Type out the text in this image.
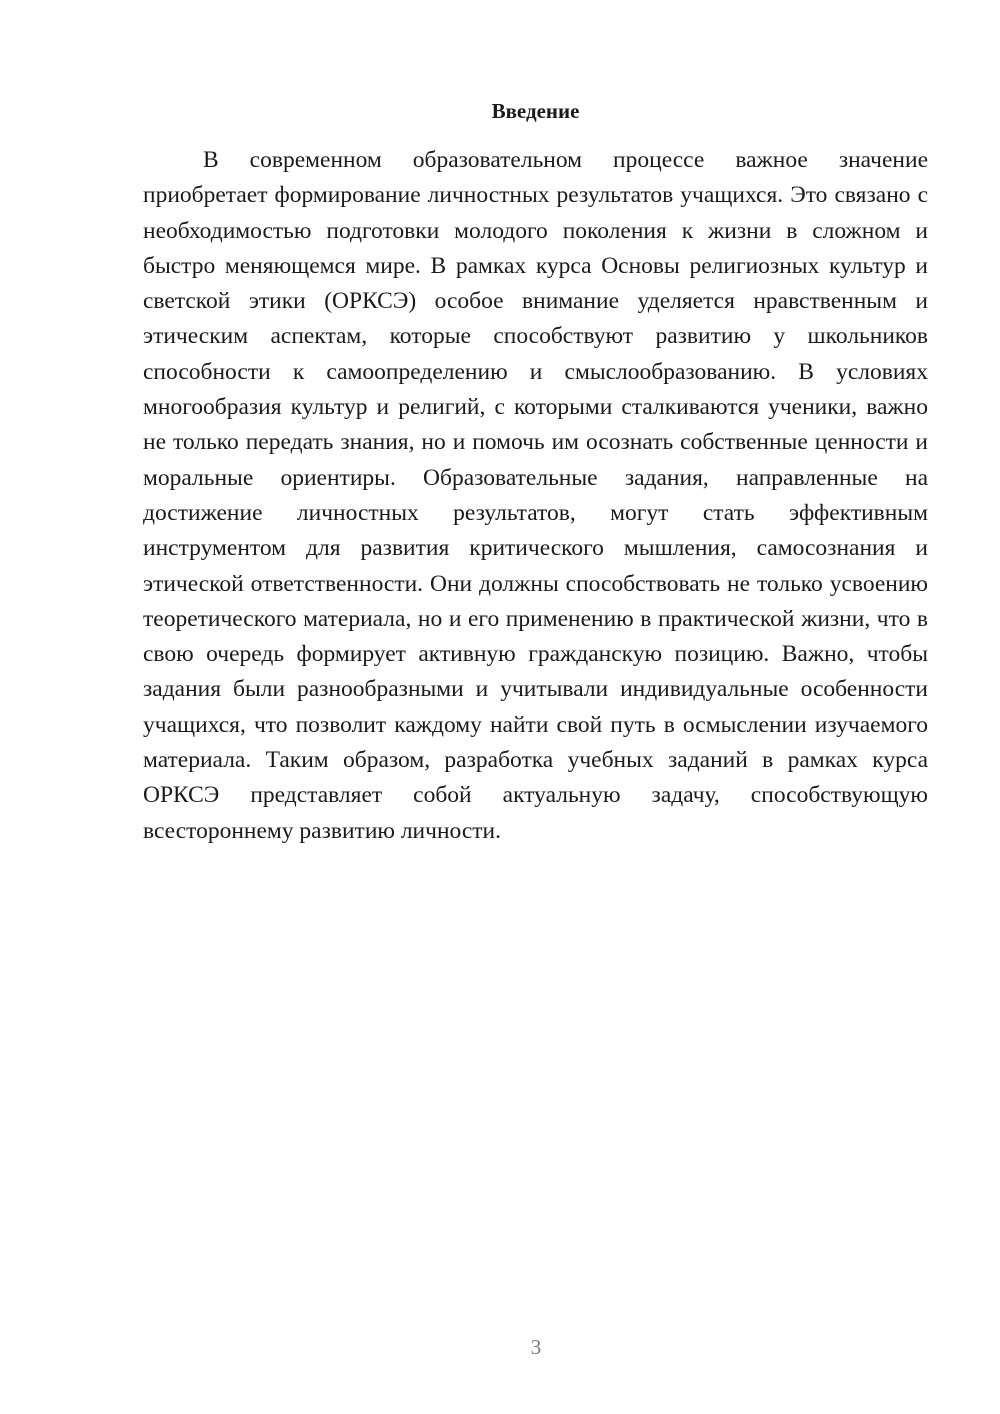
Введение

В современном образовательном процессе важное значение приобретает формирование личностных результатов учащихся. Это связано с необходимостью подготовки молодого поколения к жизни в сложном и быстро меняющемся мире. В рамках курса Основы религиозных культур и светской этики (ОРКСЭ) особое внимание уделяется нравственным и этическим аспектам, которые способствуют развитию у школьников способности к самоопределению и смыслообразованию. В условиях многообразия культур и религий, с которыми сталкиваются ученики, важно не только передать знания, но и помочь им осознать собственные ценности и моральные ориентиры. Образовательные задания, направленные на достижение личностных результатов, могут стать эффективным инструментом для развития критического мышления, самосознания и этической ответственности. Они должны способствовать не только усвоению теоретического материала, но и его применению в практической жизни, что в свою очередь формирует активную гражданскую позицию. Важно, чтобы задания были разнообразными и учитывали индивидуальные особенности учащихся, что позволит каждому найти свой путь в осмыслении изучаемого материала. Таким образом, разработка учебных заданий в рамках курса ОРКСЭ представляет собой актуальную задачу, способствующую всестороннему развитию личности.

3
